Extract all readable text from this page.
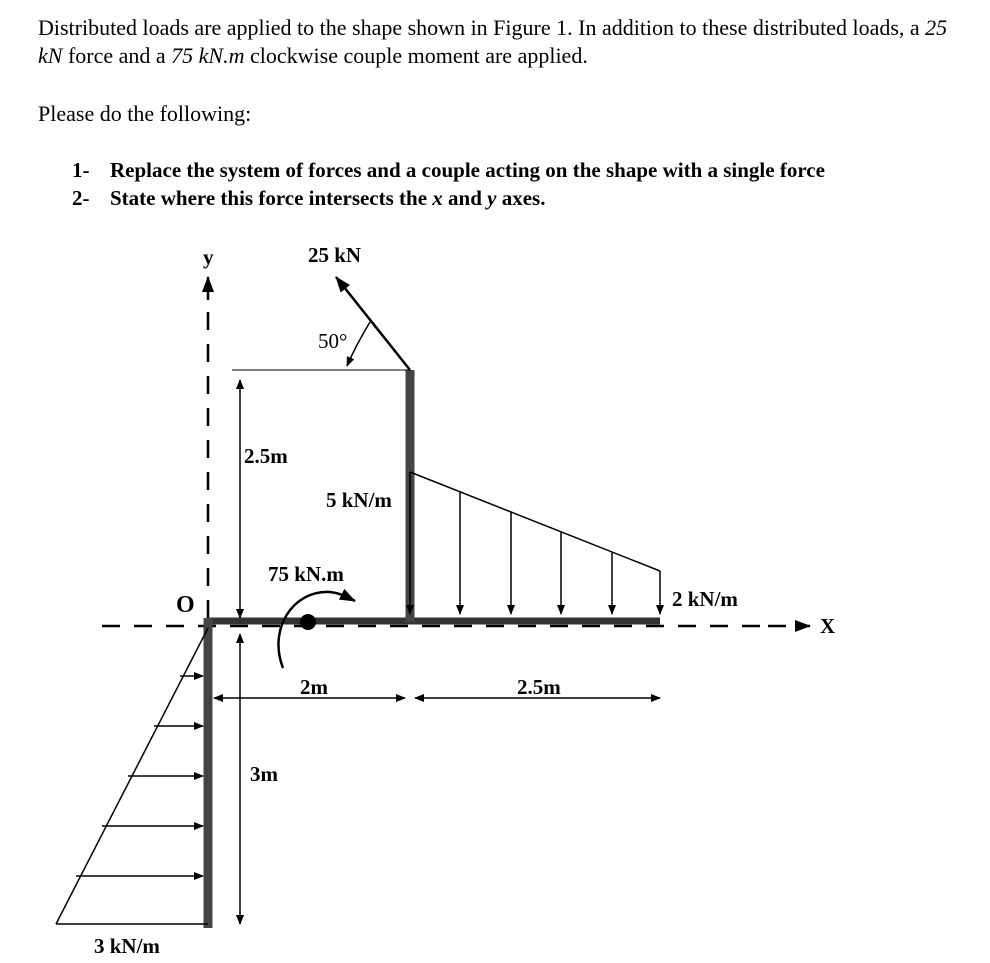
Distributed loads are applied to the shape shown in Figure 1. In addition to these distributed loads, a 25 kN force and a 75 kN.m clockwise couple moment are applied.

Please do the following:

1- Replace the system of forces and a couple acting on the shape with a single force

2- State where this force intersects the x and y axes.

y
X
O
25 kN
50°
2.5m
3m
2m	2.5m
5 kN/m
2 kN/m
75 kN.m
3 kN/m
